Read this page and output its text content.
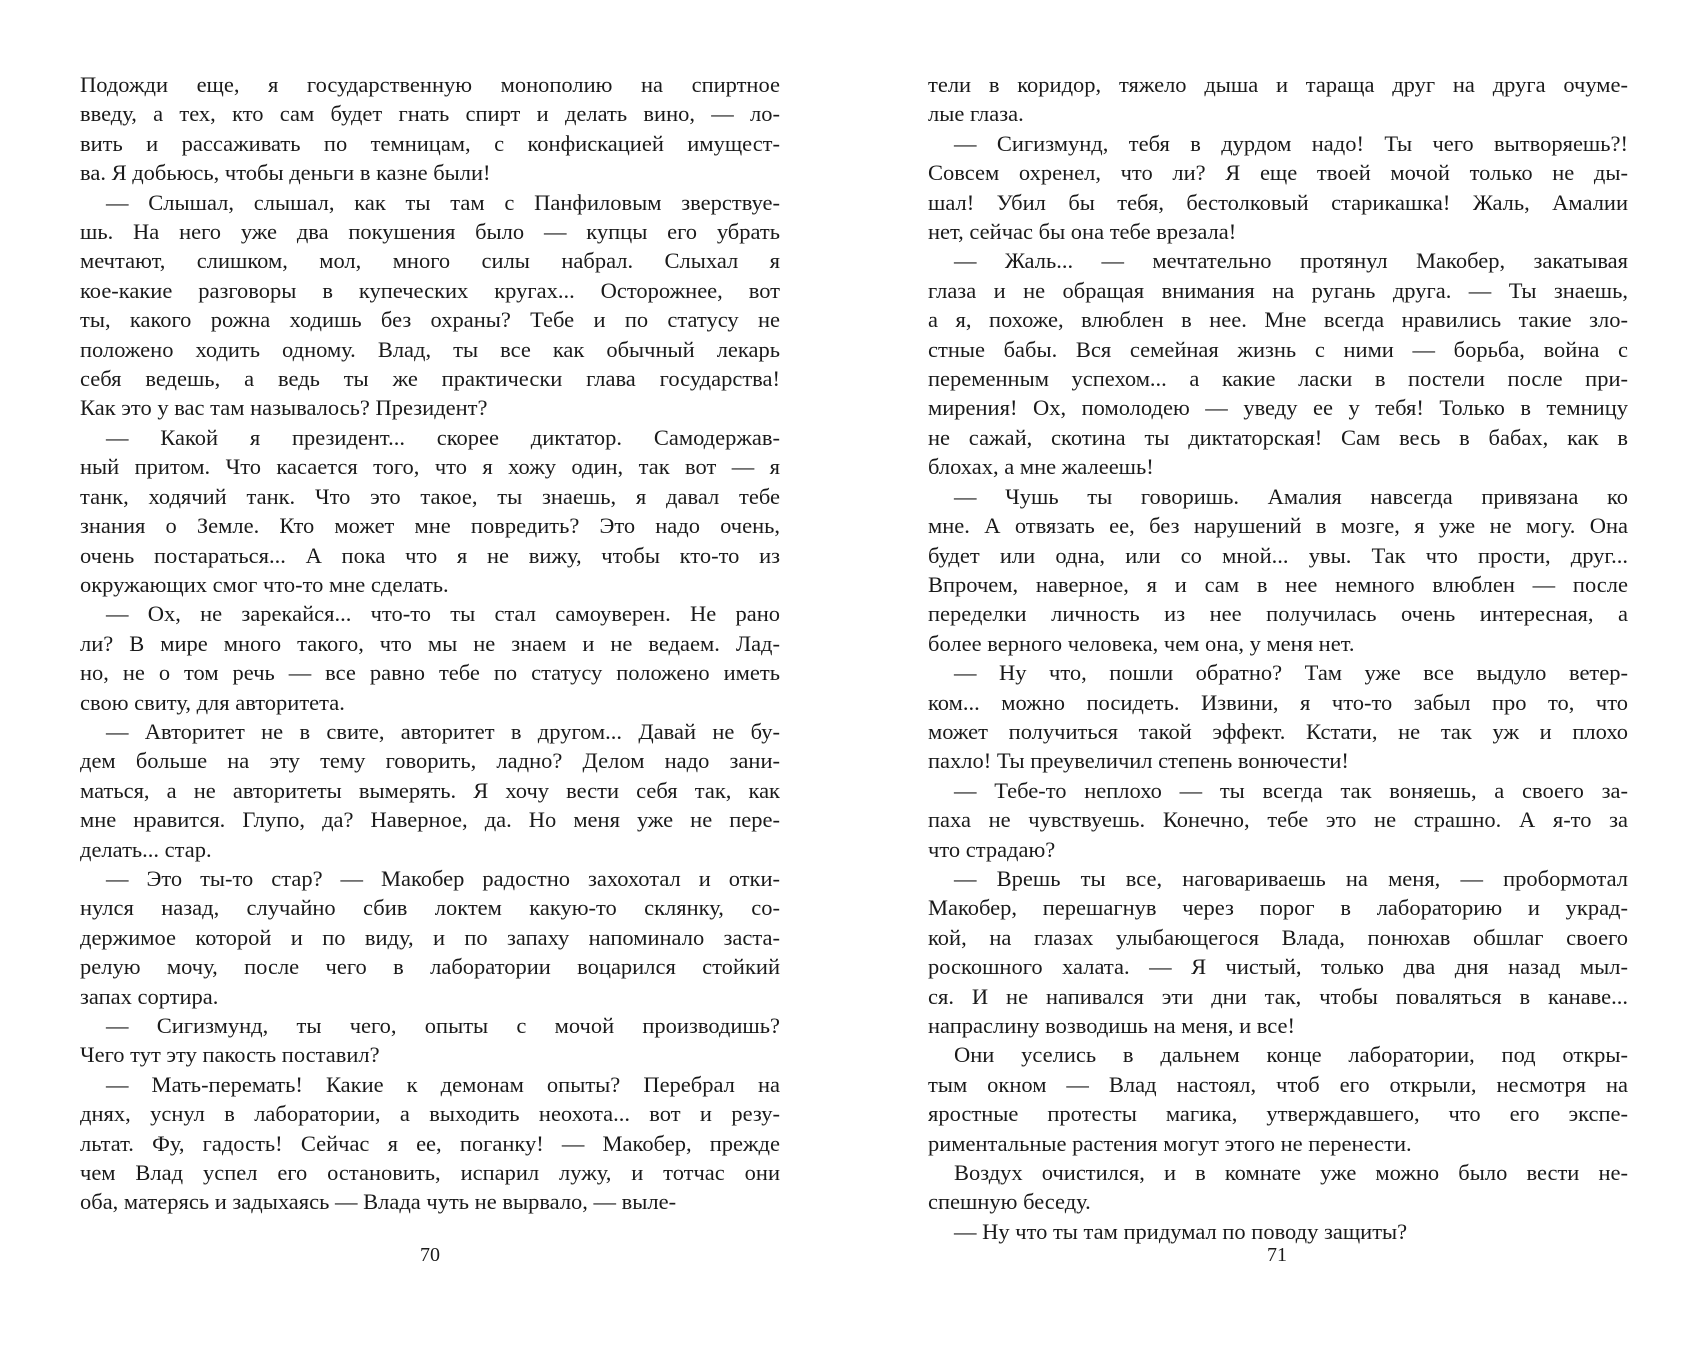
Подожди еще, я государственную монополию на спиртное
введу, а тех, кто сам будет гнать спирт и делать вино, — ло-
вить и рассаживать по темницам, с конфискацией имущест-
ва. Я добьюсь, чтобы деньги в казне были!
— Слышал, слышал, как ты там с Панфиловым зверствуе-
шь. На него уже два покушения было — купцы его убрать
мечтают, слишком, мол, много силы набрал. Слыхал я
кое-какие разговоры в купеческих кругах... Осторожнее, вот
ты, какого рожна ходишь без охраны? Тебе и по статусу не
положено ходить одному. Влад, ты все как обычный лекарь
себя ведешь, а ведь ты же практически глава государства!
Как это у вас там называлось? Президент?
— Какой я президент... скорее диктатор. Самодержав-
ный притом. Что касается того, что я хожу один, так вот — я
танк, ходячий танк. Что это такое, ты знаешь, я давал тебе
знания о Земле. Кто может мне повредить? Это надо очень,
очень постараться... А пока что я не вижу, чтобы кто-то из
окружающих смог что-то мне сделать.
— Ох, не зарекайся... что-то ты стал самоуверен. Не рано
ли? В мире много такого, что мы не знаем и не ведаем. Лад-
но, не о том речь — все равно тебе по статусу положено иметь
свою свиту, для авторитета.
— Авторитет не в свите, авторитет в другом... Давай не бу-
дем больше на эту тему говорить, ладно? Делом надо зани-
маться, а не авторитеты вымерять. Я хочу вести себя так, как
мне нравится. Глупо, да? Наверное, да. Но меня уже не пере-
делать... стар.
— Это ты-то стар? — Макобер радостно захохотал и отки-
нулся назад, случайно сбив локтем какую-то склянку, со-
держимое которой и по виду, и по запаху напоминало заста-
релую мочу, после чего в лаборатории воцарился стойкий
запах сортира.
— Сигизмунд, ты чего, опыты с мочой производишь?
Чего тут эту пакость поставил?
— Мать-перемать! Какие к демонам опыты? Перебрал на
днях, уснул в лаборатории, а выходить неохота... вот и резу-
льтат. Фу, гадость! Сейчас я ее, поганку! — Макобер, прежде
чем Влад успел его остановить, испарил лужу, и тотчас они
оба, матерясь и задыхаясь — Влада чуть не вырвало, — выле-
70
тели в коридор, тяжело дыша и таращa друг на друга очуме-
лые глаза.
— Сигизмунд, тебя в дурдом надо! Ты чего вытворяешь?!
Совсем охренел, что ли? Я еще твоей мочой только не ды-
шал! Убил бы тебя, бестолковый старикашка! Жаль, Амалии
нет, сейчас бы она тебе врезала!
— Жаль... — мечтательно протянул Макобер, закатывая
глаза и не обращая внимания на ругань друга. — Ты знаешь,
а я, похоже, влюблен в нее. Мне всегда нравились такие зло-
стные бабы. Вся семейная жизнь с ними — борьба, война с
переменным успехом... а какие ласки в постели после при-
мирения! Ох, помолодею — уведу ее у тебя! Только в темницу
не сажай, скотина ты диктаторская! Сам весь в бабах, как в
блохах, а мне жалеешь!
— Чушь ты говоришь. Амалия навсегда привязана ко
мне. А отвязать ее, без нарушений в мозге, я уже не могу. Она
будет или одна, или со мной... увы. Так что прости, друг...
Впрочем, наверное, я и сам в нее немного влюблен — после
переделки личность из нее получилась очень интересная, а
более верного человека, чем она, у меня нет.
— Ну что, пошли обратно? Там уже все выдуло ветер-
ком... можно посидеть. Извини, я что-то забыл про то, что
может получиться такой эффект. Кстати, не так уж и плохо
пахло! Ты преувеличил степень вонючести!
— Тебе-то неплохо — ты всегда так воняешь, а своего за-
паха не чувствуешь. Конечно, тебе это не страшно. А я-то за
что страдаю?
— Врешь ты все, наговариваешь на меня, — пробормотал
Макобер, перешагнув через порог в лабораторию и украд-
кой, на глазах улыбающегося Влада, понюхав обшлаг своего
роскошного халата. — Я чистый, только два дня назад мыл-
ся. И не напивался эти дни так, чтобы поваляться в канаве...
напраслину возводишь на меня, и все!
Они уселись в дальнем конце лаборатории, под откры-
тым окном — Влад настоял, чтоб его открыли, несмотря на
яростные протесты магика, утверждавшего, что его экспе-
риментальные растения могут этого не перенести.
Воздух очистился, и в комнате уже можно было вести не-
спешную беседу.
— Ну что ты там придумал по поводу защиты?
71
